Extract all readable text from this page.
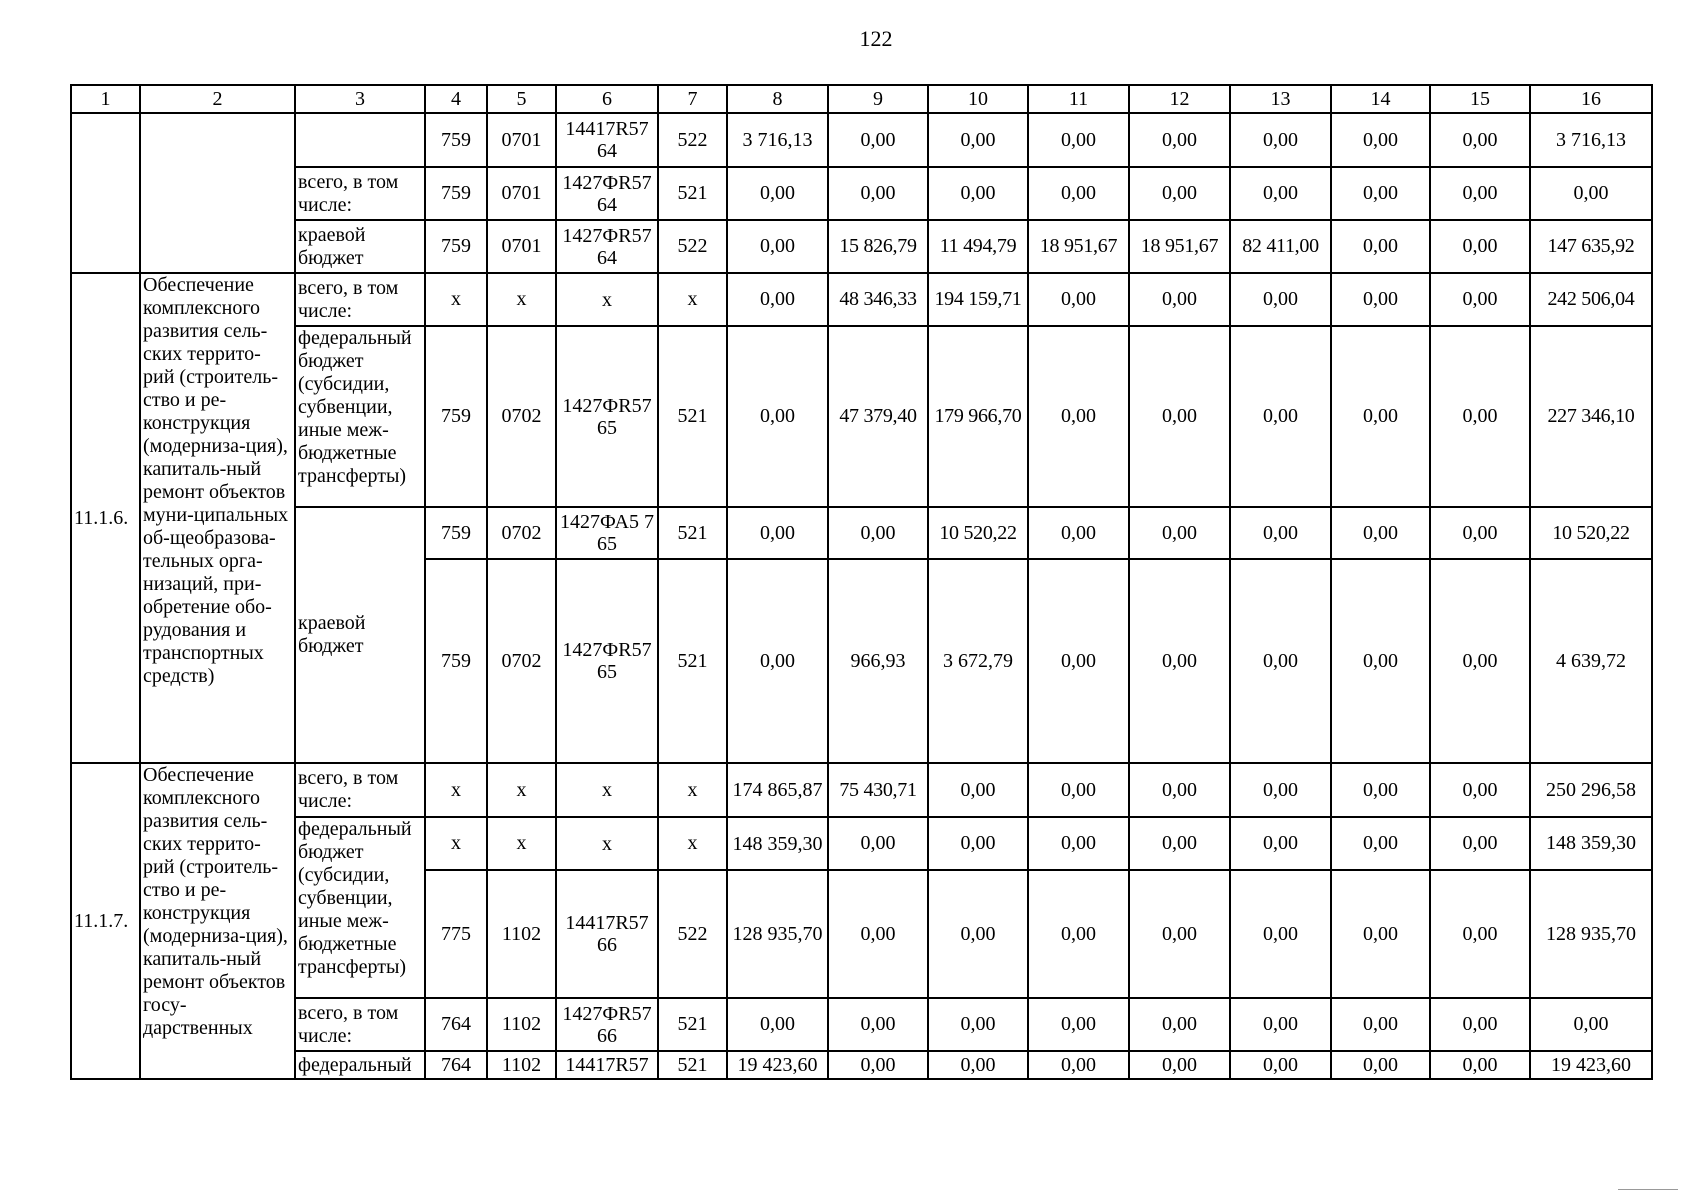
122
1	2	3	4	5	6	7	8	9	10	11	12	13	14	15	16
			759	0701	14417R57 64	522	3 716,13	0,00	0,00	0,00	0,00	0,00	0,00	0,00	3 716,13
		всего, в том числе:	759	0701	1427ФR57 64	521	0,00	0,00	0,00	0,00	0,00	0,00	0,00	0,00	0,00
		краевой бюджет	759	0701	1427ФR57 64	522	0,00	15 826,79	11 494,79	18 951,67	18 951,67	82 411,00	0,00	0,00	147 635,92
11.1.6.	Обеспечение комплексного развития сель-ских террито-рий (строитель-ство и ре-конструкция (модерниза-ция), капиталь-ный ремонт объектов муни-ципальных об-щеобразова-тельных орга-низаций, при-обретение обо-рудования и транспортных средств)	всего, в том числе:	х	х	х	х	0,00	48 346,33	194 159,71	0,00	0,00	0,00	0,00	0,00	242 506,04
		федеральный бюджет (субсидии, субвенции, иные меж-бюджетные трансферты)	759	0702	1427ФR57 65	521	0,00	47 379,40	179 966,70	0,00	0,00	0,00	0,00	0,00	227 346,10
		краевой бюджет	759	0702	1427ФА5 765	521	0,00	0,00	10 520,22	0,00	0,00	0,00	0,00	0,00	10 520,22
			759	0702	1427ФR57 65	521	0,00	966,93	3 672,79	0,00	0,00	0,00	0,00	0,00	4 639,72
11.1.7.	Обеспечение комплексного развития сель-ских террито-рий (строитель-ство и ре-конструкция (модерниза-ция), капиталь-ный ремонт объектов госу-дарственных	всего, в том числе:	х	х	х	х	174 865,87	75 430,71	0,00	0,00	0,00	0,00	0,00	0,00	250 296,58
		федеральный бюджет (субсидии, субвенции, иные меж-бюджетные трансферты)	х	х	х	х	148 359,30	0,00	0,00	0,00	0,00	0,00	0,00	0,00	148 359,30
			775	1102	14417R57 66	522	128 935,70	0,00	0,00	0,00	0,00	0,00	0,00	0,00	128 935,70
		всего, в том числе:	764	1102	1427ФR57 66	521	0,00	0,00	0,00	0,00	0,00	0,00	0,00	0,00	0,00
		федеральный	764	1102	14417R57	521	19 423,60	0,00	0,00	0,00	0,00	0,00	0,00	0,00	19 423,60
